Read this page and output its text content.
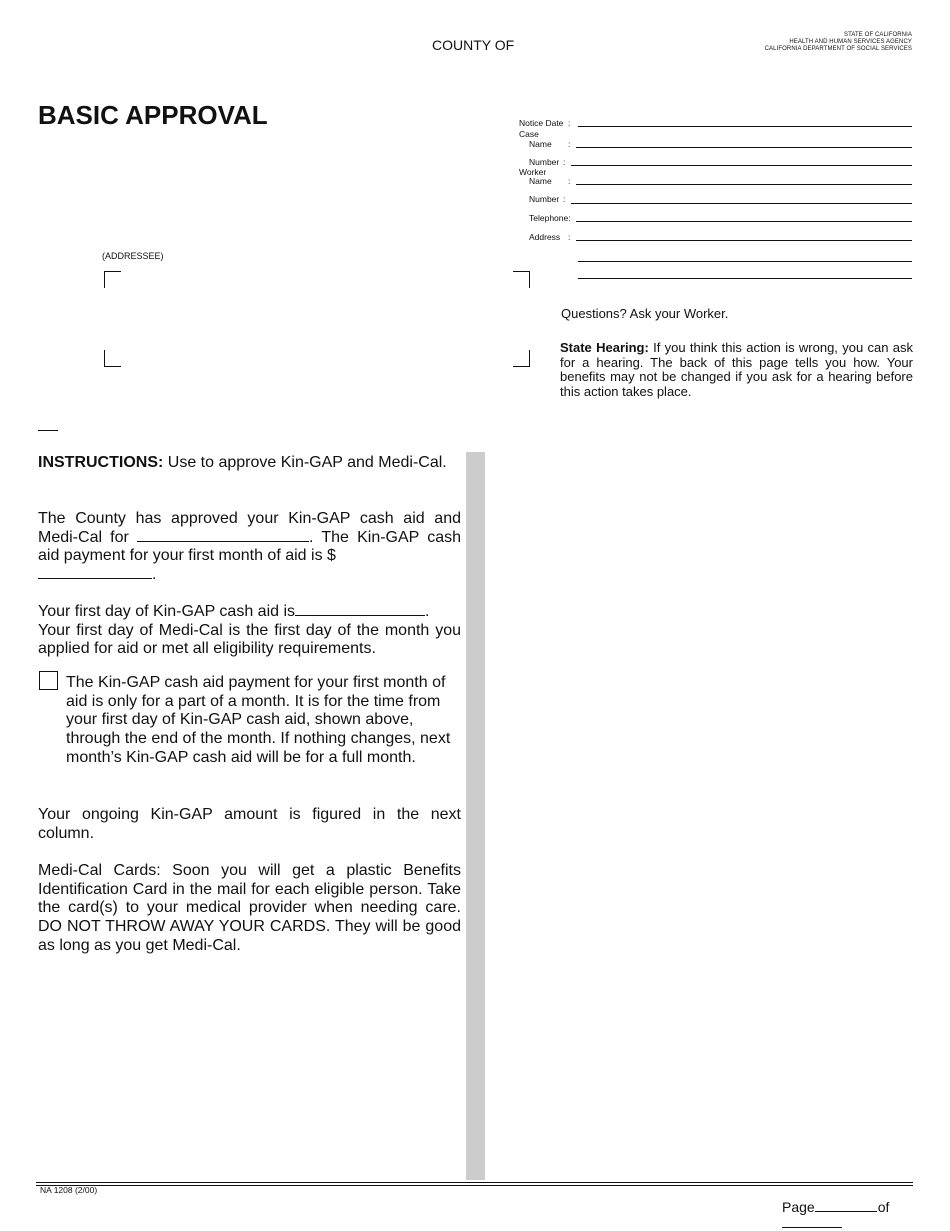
COUNTY OF
STATE OF CALIFORNIA
HEALTH AND HUMAN SERVICES AGENCY
CALIFORNIA DEPARTMENT OF SOCIAL SERVICES
BASIC APPROVAL	Notice Date :
Case
Name :
Number :
Worker
Name :
Number :
Telephone:
Address :
(ADDRESSEE)
Questions? Ask your Worker.
State Hearing: If you think this action is wrong, you can ask for a hearing. The back of this page tells you how. Your benefits may not be changed if you ask for a hearing before this action takes place.
INSTRUCTIONS: Use to approve Kin-GAP and Medi-Cal.
The County has approved your Kin-GAP cash aid and Medi-Cal for	. The Kin-GAP cash aid payment for your first month of aid is $
.
Your first day of Kin-GAP cash aid is	.
Your first day of Medi-Cal is the first day of the month you applied for aid or met all eligibility requirements.
The Kin-GAP cash aid payment for your first month of aid is only for a part of a month. It is for the time from your first day of Kin-GAP cash aid, shown above, through the end of the month. If nothing changes, next month’s Kin-GAP cash aid will be for a full month.
Your ongoing Kin-GAP amount is figured in the next column.
Medi-Cal Cards: Soon you will get a plastic Benefits Identification Card in the mail for each eligible person. Take the card(s) to your medical provider when needing care. DO NOT THROW AWAY YOUR CARDS. They will be good as long as you get Medi-Cal.
NA 1208 (2/00)
Page	of
